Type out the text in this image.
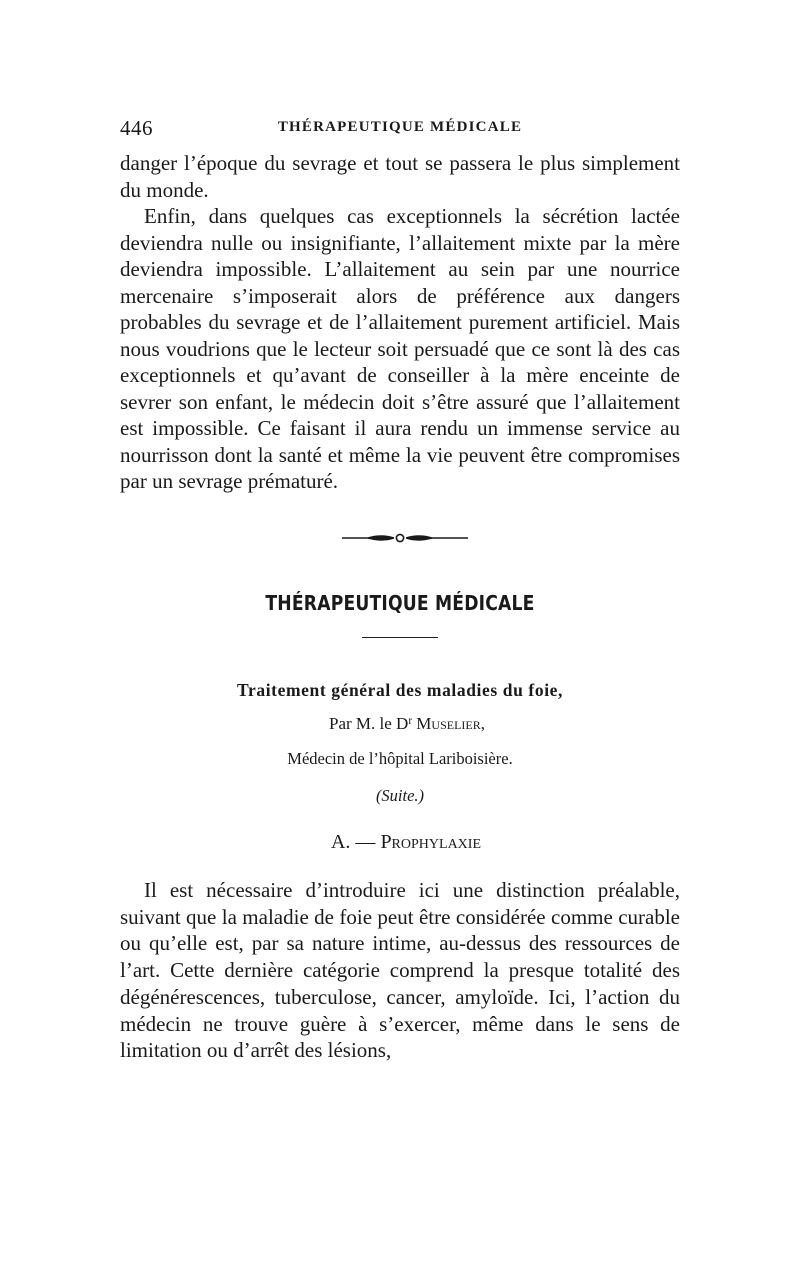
446	THÉRAPEUTIQUE MÉDICALE

danger l’époque du sevrage et tout se passera le plus simplement du monde.

Enfin, dans quelques cas exceptionnels la sécrétion lactée deviendra nulle ou insignifiante, l’allaitement mixte par la mère deviendra impossible. L’allaitement au sein par une nourrice mercenaire s’imposerait alors de préférence aux dangers probables du sevrage et de l’allaitement purement artificiel. Mais nous voudrions que le lecteur soit persuadé que ce sont là des cas exceptionnels et qu’avant de conseiller à la mère enceinte de sevrer son enfant, le médecin doit s’être assuré que l’allaitement est impossible. Ce faisant il aura rendu un immense service au nourrisson dont la santé et même la vie peuvent être compromises par un sevrage prématuré.

THÉRAPEUTIQUE MÉDICALE

Traitement général des maladies du foie,

Par M. le $D^r$ Muselier,

Médecin de l’hôpital Lariboisière.

(Suite.)

A. — Prophylaxie

Il est nécessaire d’introduire ici une distinction préalable, suivant que la maladie de foie peut être considérée comme curable ou qu’elle est, par sa nature intime, au-dessus des ressources de l’art. Cette dernière catégorie comprend la presque totalité des dégénérescences, tuberculose, cancer, amyloïde. Ici, l’action du médecin ne trouve guère à s’exercer, même dans le sens de limitation ou d’arrêt des lésions,
